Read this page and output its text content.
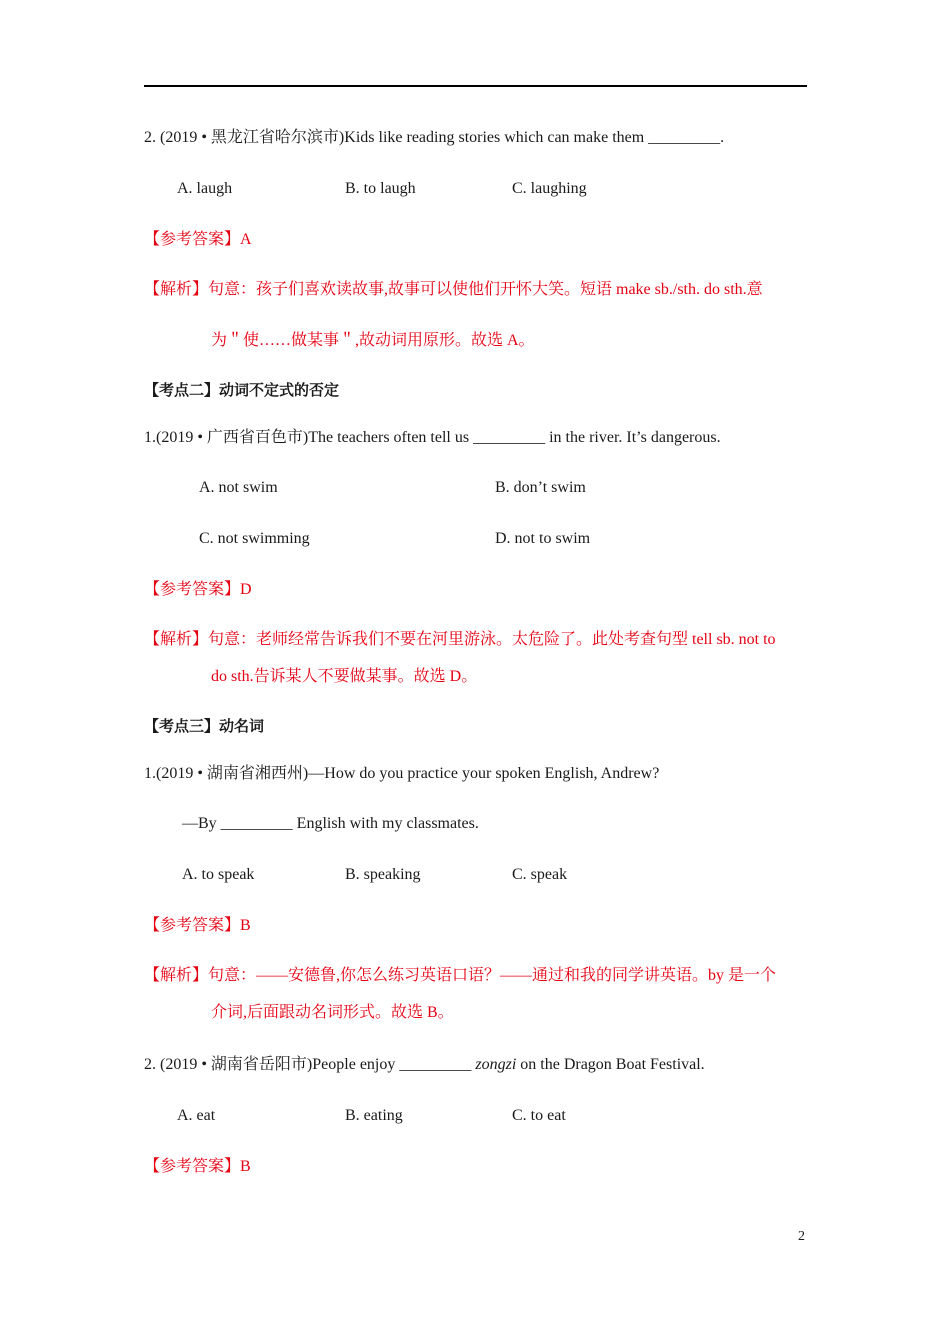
2. (2019 • 黑龙江省哈尔滨市)Kids like reading stories which can make them _________.
A. laugh	B. to laugh	C. laughing
【参考答案】A
【解析】句意：孩子们喜欢读故事,故事可以使他们开怀大笑。短语 make sb./sth. do sth.意
为＂使……做某事＂,故动词用原形。故选 A。
【考点二】动词不定式的否定
1.(2019 • 广西省百色市)The teachers often tell us _________ in the river. It’s dangerous.
A. not swim	B. don’t swim
C. not swimming	D. not to swim
【参考答案】D
【解析】句意：老师经常告诉我们不要在河里游泳。太危险了。此处考查句型 tell sb. not to
do sth.告诉某人不要做某事。故选 D。
【考点三】动名词
1.(2019 • 湖南省湘西州)—How do you practice your spoken English, Andrew?
—By _________ English with my classmates.
A. to speak	B. speaking	C. speak
【参考答案】B
【解析】句意：——安德鲁,你怎么练习英语口语？——通过和我的同学讲英语。by 是一个
介词,后面跟动名词形式。故选 B。
2. (2019 • 湖南省岳阳市)People enjoy _________ zongzi on the Dragon Boat Festival.
A. eat	B. eating	C. to eat
【参考答案】B
2
